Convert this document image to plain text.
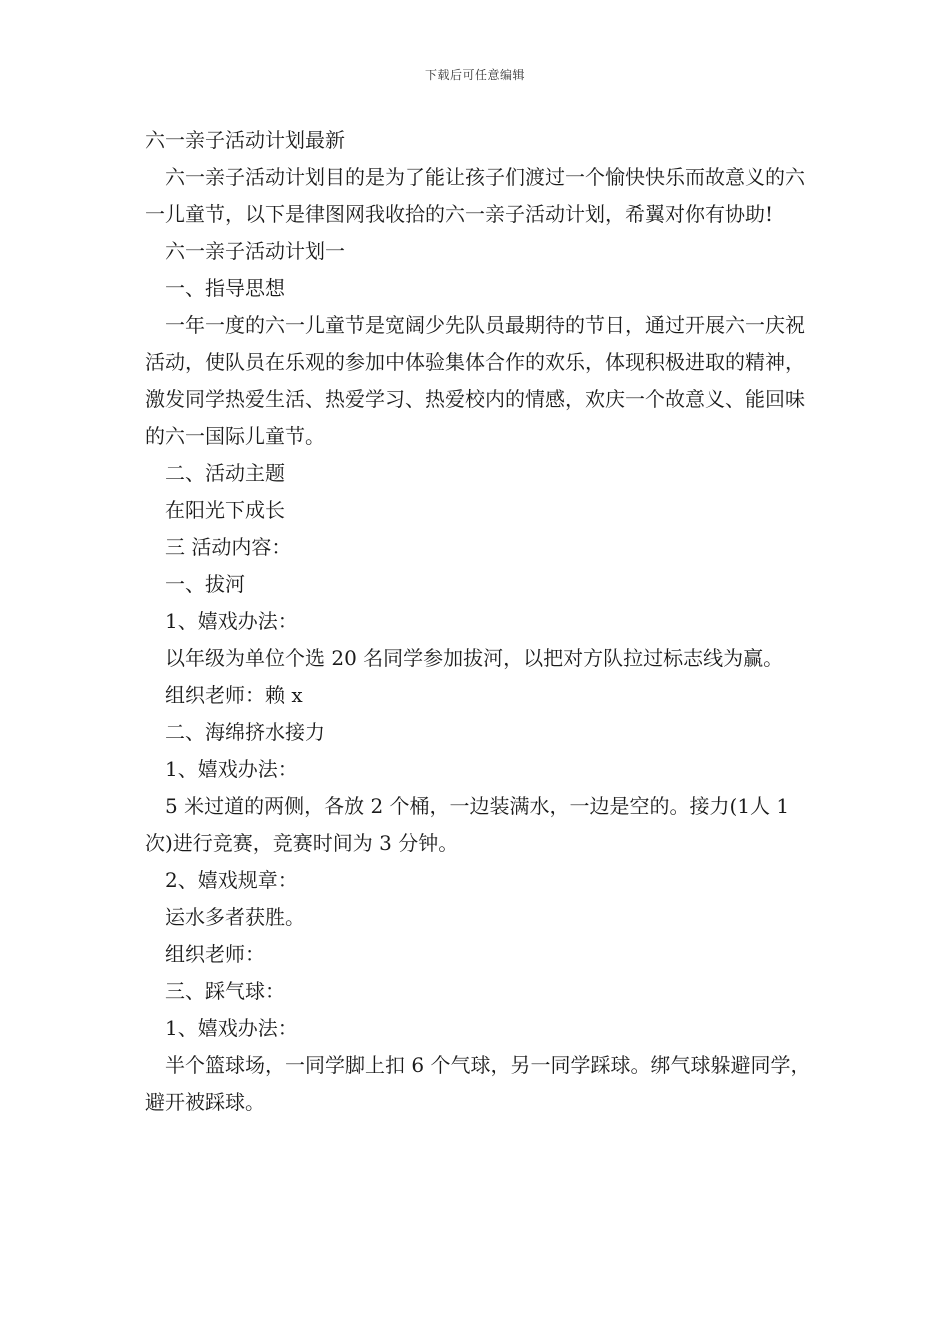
下载后可任意编辑

六一亲子活动计划最新

六一亲子活动计划目的是为了能让孩子们渡过一个愉快快乐而故意义的六一儿童节，以下是律图网我收拾的六一亲子活动计划，希翼对你有协助!

六一亲子活动计划一

一、指导思想

一年一度的六一儿童节是宽阔少先队员最期待的节日，通过开展六一庆祝活动，使队员在乐观的参加中体验集体合作的欢乐，体现积极进取的精神，激发同学热爱生活、热爱学习、热爱校内的情感，欢庆一个故意义、能回味的六一国际儿童节。

二、活动主题

在阳光下成长

三 活动内容：

一、拔河

1、嬉戏办法：

以年级为单位个选 20 名同学参加拔河，以把对方队拉过标志线为赢。

组织老师：赖 x

二、海绵挤水接力

1、嬉戏办法：

5 米过道的两侧，各放 2 个桶，一边装满水，一边是空的。接力(1人 1 次)进行竞赛，竞赛时间为 3 分钟。

2、嬉戏规章：

运水多者获胜。

组织老师：

三、踩气球：

1、嬉戏办法：

半个篮球场，一同学脚上扣 6 个气球，另一同学踩球。绑气球躲避同学，避开被踩球。
